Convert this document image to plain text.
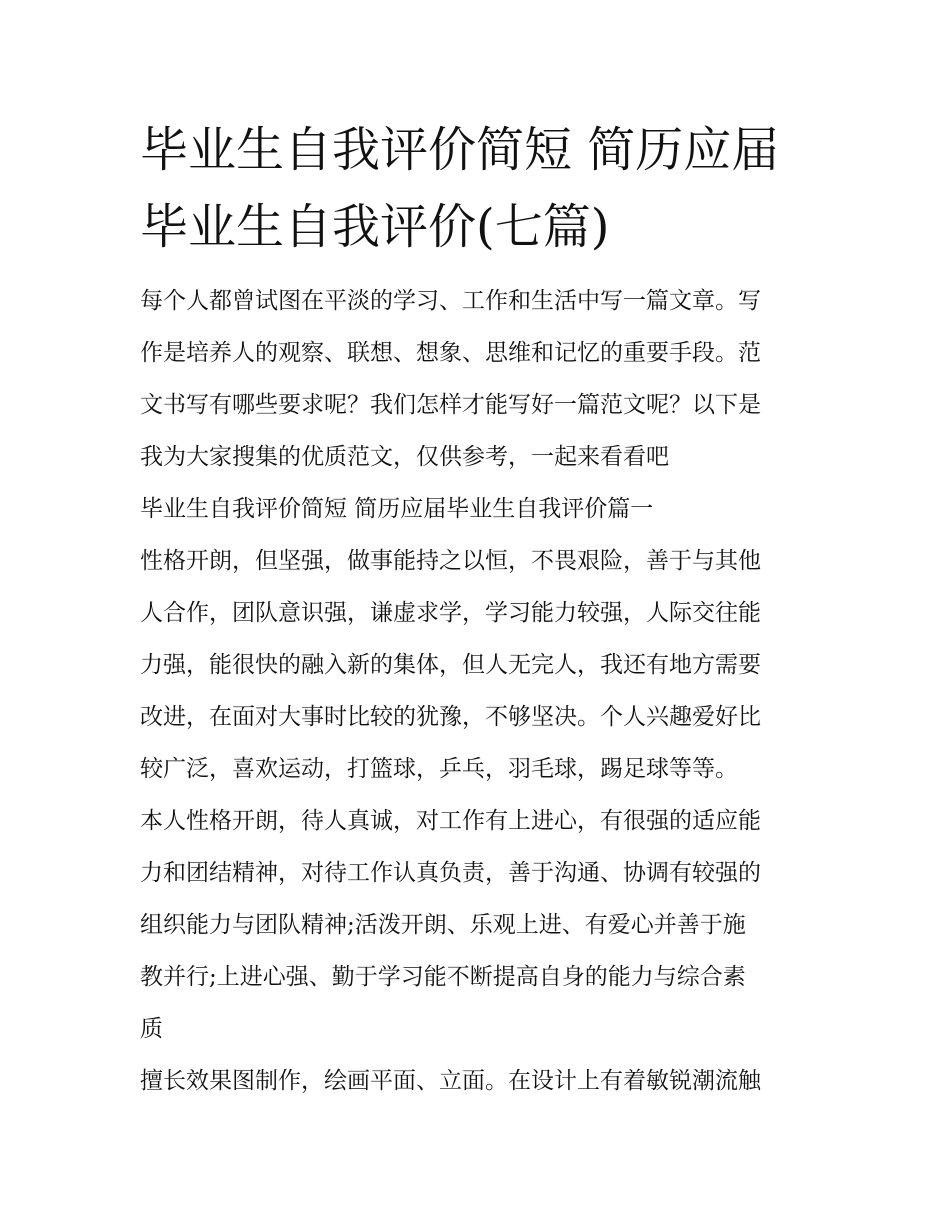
毕业生自我评价简短 简历应届
毕业生自我评价(七篇)
每个人都曾试图在平淡的学习、工作和生活中写一篇文章。写
作是培养人的观察、联想、想象、思维和记忆的重要手段。范
文书写有哪些要求呢？我们怎样才能写好一篇范文呢？以下是
我为大家搜集的优质范文，仅供参考，一起来看看吧
毕业生自我评价简短 简历应届毕业生自我评价篇一
性格开朗，但坚强，做事能持之以恒，不畏艰险，善于与其他
人合作，团队意识强，谦虚求学，学习能力较强，人际交往能
力强，能很快的融入新的集体，但人无完人，我还有地方需要
改进，在面对大事时比较的犹豫，不够坚决。个人兴趣爱好比
较广泛，喜欢运动，打篮球，乒乓，羽毛球，踢足球等等。
本人性格开朗，待人真诚，对工作有上进心，有很强的适应能
力和团结精神，对待工作认真负责，善于沟通、协调有较强的
组织能力与团队精神;活泼开朗、乐观上进、有爱心并善于施
教并行;上进心强、勤于学习能不断提高自身的能力与综合素
质
擅长效果图制作，绘画平面、立面。在设计上有着敏锐潮流触
